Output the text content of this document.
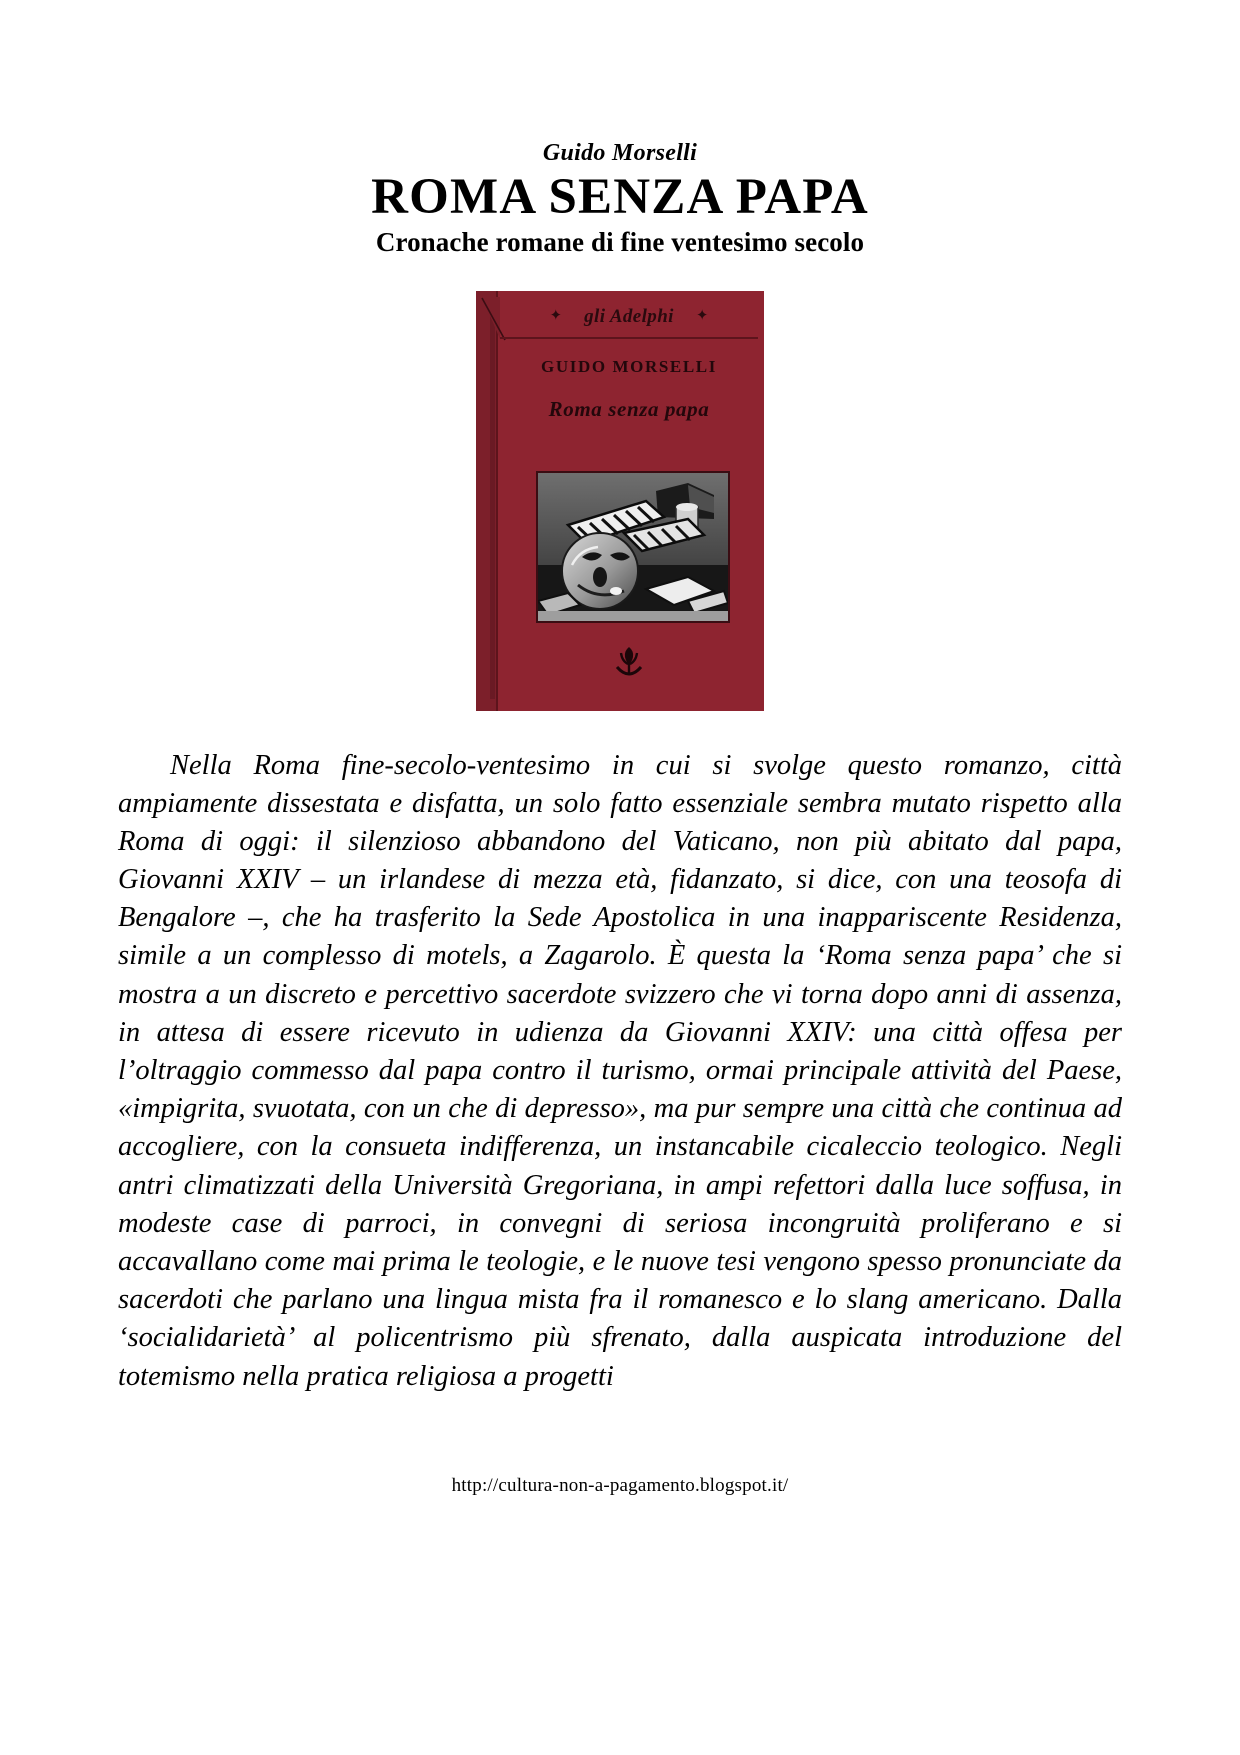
Guido Morselli
ROMA SENZA PAPA
Cronache romane di fine ventesimo secolo
✦ gli Adelphi ✦
GUIDO MORSELLI
Roma senza papa

Nella Roma fine-secolo-ventesimo in cui si svolge questo romanzo, città ampiamente dissestata e disfatta, un solo fatto essenziale sembra mutato rispetto alla Roma di oggi: il silenzioso abbandono del Vaticano, non più abitato dal papa, Giovanni XXIV – un irlandese di mezza età, fidanzato, si dice, con una teosofa di Bengalore –, che ha trasferito la Sede Apostolica in una inappariscente Residenza, simile a un complesso di motels, a Zagarolo. È questa la ‘Roma senza papa’ che si mostra a un discreto e percettivo sacerdote svizzero che vi torna dopo anni di assenza, in attesa di essere ricevuto in udienza da Giovanni XXIV: una città offesa per l’oltraggio commesso dal papa contro il turismo, ormai principale attività del Paese, «impigrita, svuotata, con un che di depresso», ma pur sempre una città che continua ad accogliere, con la consueta indifferenza, un instancabile cicaleccio teologico. Negli antri climatizzati della Università Gregoriana, in ampi refettori dalla luce soffusa, in modeste case di parroci, in convegni di seriosa incongruità proliferano e si accavallano come mai prima le teologie, e le nuove tesi vengono spesso pronunciate da sacerdoti che parlano una lingua mista fra il romanesco e lo slang americano. Dalla ‘socialidarietà’ al policentrismo più sfrenato, dalla auspicata introduzione del totemismo nella pratica religiosa a progetti

http://cultura-non-a-pagamento.blogspot.it/
